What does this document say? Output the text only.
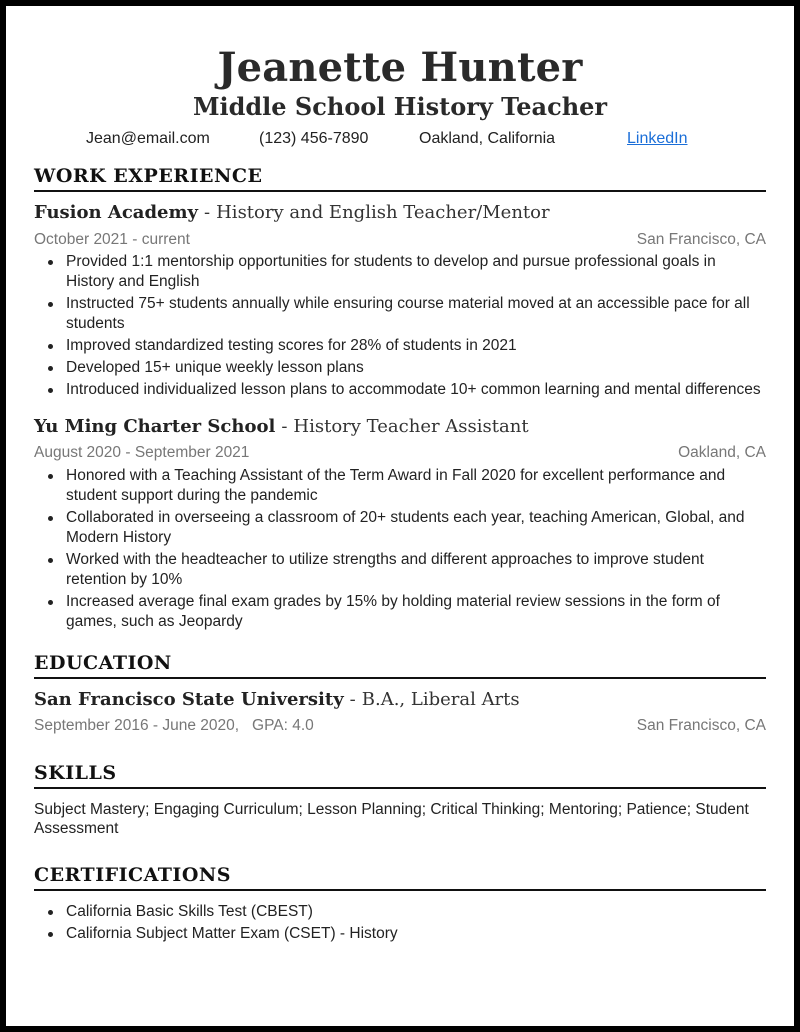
Jeanette Hunter
Middle School History Teacher
Jean@email.com	(123) 456-7890	Oakland, California	LinkedIn
WORK EXPERIENCE
Fusion Academy - History and English Teacher/Mentor
October 2021 - current	San Francisco, CA
Provided 1:1 mentorship opportunities for students to develop and pursue professional goals in History and English
Instructed 75+ students annually while ensuring course material moved at an accessible pace for all students
Improved standardized testing scores for 28% of students in 2021
Developed 15+ unique weekly lesson plans
Introduced individualized lesson plans to accommodate 10+ common learning and mental differences
Yu Ming Charter School - History Teacher Assistant
August 2020 - September 2021	Oakland, CA
Honored with a Teaching Assistant of the Term Award in Fall 2020 for excellent performance and student support during the pandemic
Collaborated in overseeing a classroom of 20+ students each year, teaching American, Global, and Modern History
Worked with the headteacher to utilize strengths and different approaches to improve student retention by 10%
Increased average final exam grades by 15% by holding material review sessions in the form of games, such as Jeopardy
EDUCATION
San Francisco State University - B.A., Liberal Arts
September 2016 - June 2020,   GPA: 4.0	San Francisco, CA
SKILLS
Subject Mastery; Engaging Curriculum; Lesson Planning; Critical Thinking; Mentoring; Patience; Student Assessment
CERTIFICATIONS
California Basic Skills Test (CBEST)
California Subject Matter Exam (CSET) - History
